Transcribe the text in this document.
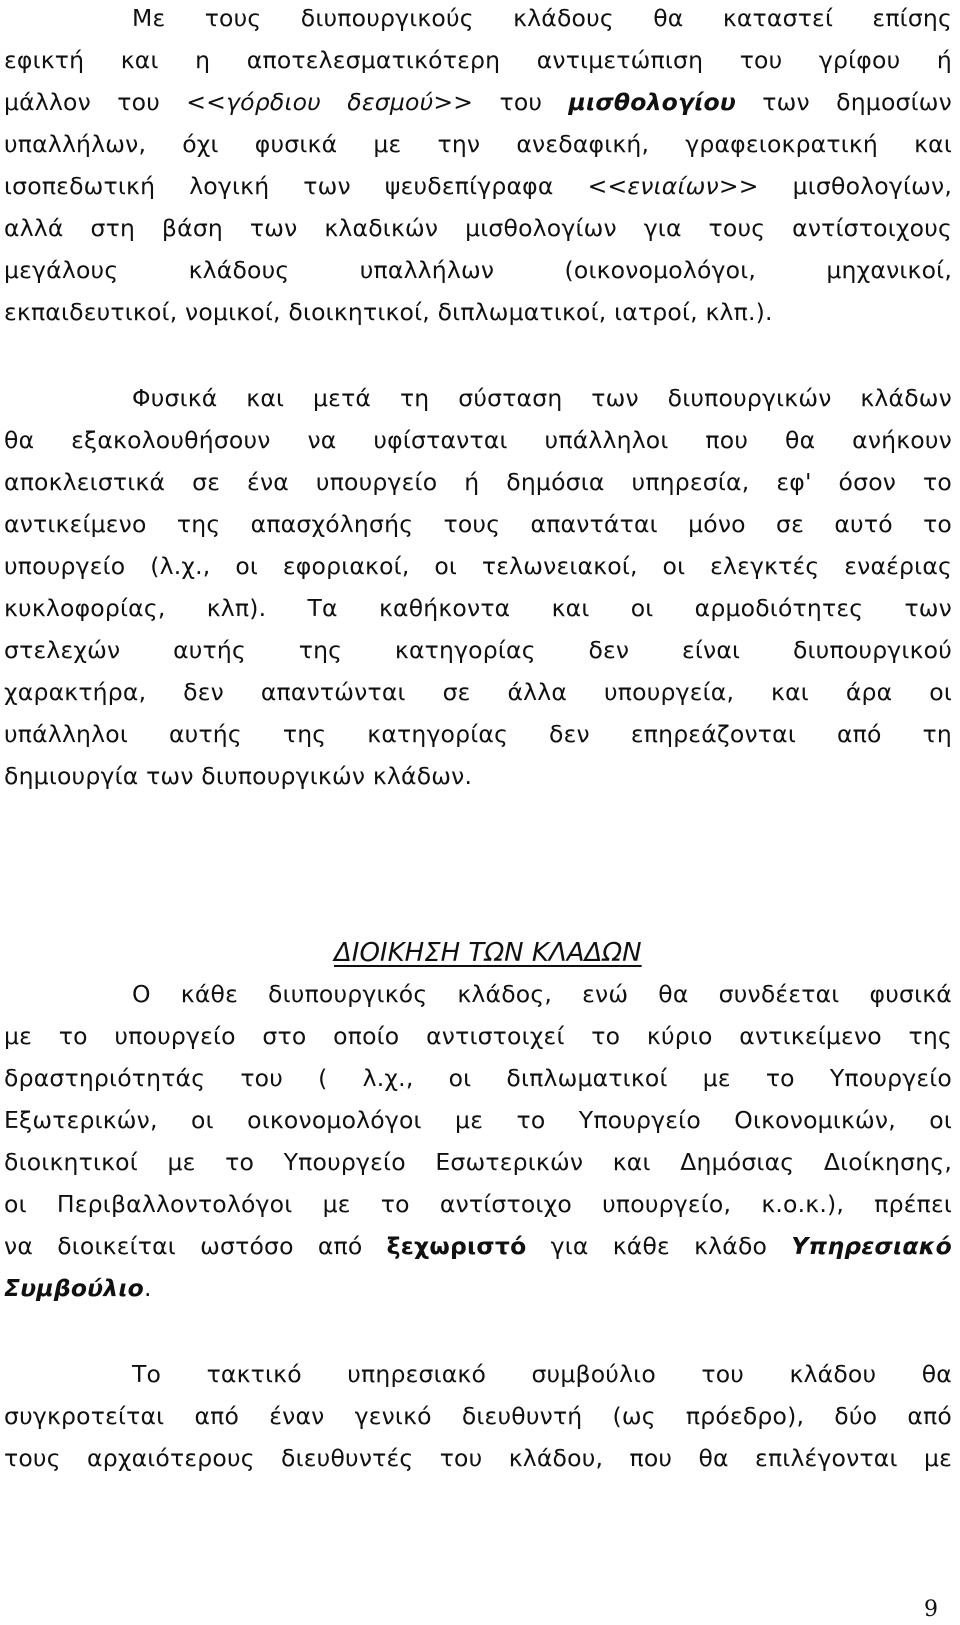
Με τους διυπουργικούς κλάδους θα καταστεί επίσης
εφικτή και η αποτελεσματικότερη αντιμετώπιση του γρίφου ή
μάλλον του <<γόρδιου δεσμού>> του μισθολογίου των δημοσίων
υπαλλήλων, όχι φυσικά με την ανεδαφική, γραφειοκρατική και
ισοπεδωτική λογική των ψευδεπίγραφα <<ενιαίων>> μισθολογίων,
αλλά στη βάση των κλαδικών μισθολογίων για τους αντίστοιχους
μεγάλους κλάδους υπαλλήλων (οικονομολόγοι, μηχανικοί,
εκπαιδευτικοί, νομικοί, διοικητικοί, διπλωματικοί, ιατροί, κλπ.).
Φυσικά και μετά τη σύσταση των διυπουργικών κλάδων
θα εξακολουθήσουν να υφίστανται υπάλληλοι που θα ανήκουν
αποκλειστικά σε ένα υπουργείο ή δημόσια υπηρεσία, εφ' όσον το
αντικείμενο της απασχόλησής τους απαντάται μόνο σε αυτό το
υπουργείο (λ.χ., οι εφοριακοί, οι τελωνειακοί, οι ελεγκτές εναέριας
κυκλοφορίας, κλπ). Τα καθήκοντα και οι αρμοδιότητες των
στελεχών αυτής της κατηγορίας δεν είναι διυπουργικού
χαρακτήρα, δεν απαντώνται σε άλλα υπουργεία, και άρα οι
υπάλληλοι αυτής της κατηγορίας δεν επηρεάζονται από τη
δημιουργία των διυπουργικών κλάδων.
ΔΙΟΙΚΗΣΗ ΤΩΝ ΚΛΑΔΩΝ
Ο κάθε διυπουργικός κλάδος, ενώ θα συνδέεται φυσικά
με το υπουργείο στο οποίο αντιστοιχεί το κύριο αντικείμενο της
δραστηριότητάς του ( λ.χ., οι διπλωματικοί με το Υπουργείο
Εξωτερικών, οι οικονομολόγοι με το Υπουργείο Οικονομικών, οι
διοικητικοί με το Υπουργείο Εσωτερικών και Δημόσιας Διοίκησης,
οι Περιβαλλοντολόγοι με το αντίστοιχο υπουργείο, κ.ο.κ.), πρέπει
να διοικείται ωστόσο από ξεχωριστό για κάθε κλάδο Υπηρεσιακό
Συμβούλιο.
Το τακτικό υπηρεσιακό συμβούλιο του κλάδου θα
συγκροτείται από έναν γενικό διευθυντή (ως πρόεδρο), δύο από
τους αρχαιότερους διευθυντές του κλάδου, που θα επιλέγονται με
9
